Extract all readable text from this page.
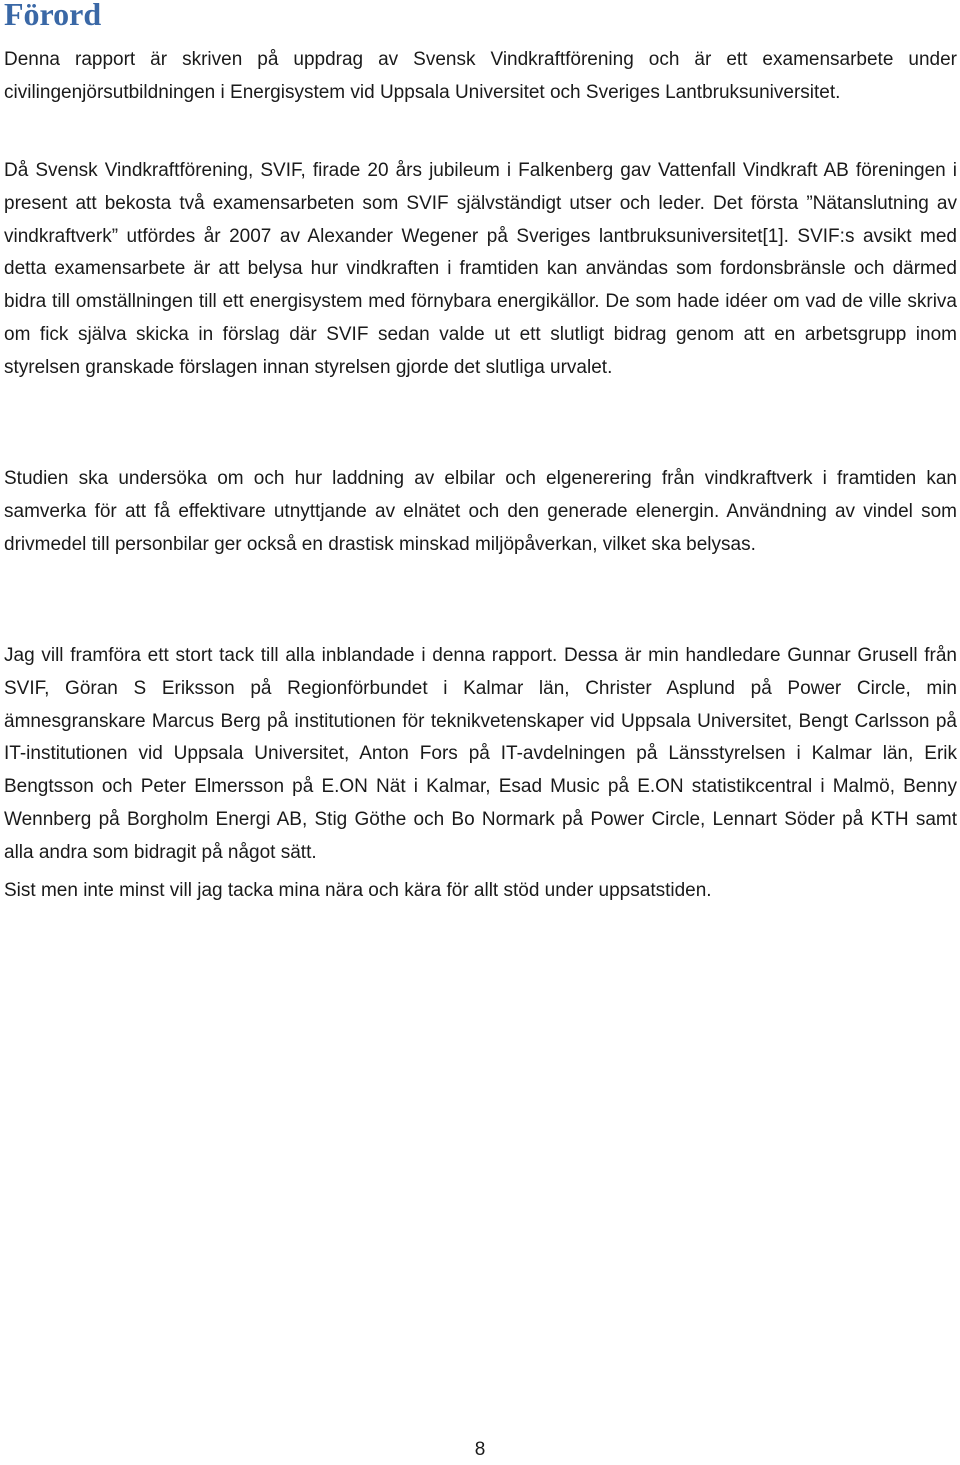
Förord

Denna rapport är skriven på uppdrag av Svensk Vindkraftförening och är ett examensarbete under civilingenjörsutbildningen i Energisystem vid Uppsala Universitet och Sveriges Lantbruksuniversitet.

Då Svensk Vindkraftförening, SVIF, firade 20 års jubileum i Falkenberg gav Vattenfall Vindkraft AB föreningen i present att bekosta två examensarbeten som SVIF självständigt utser och leder. Det första ”Nätanslutning av vindkraftverk” utfördes år 2007 av Alexander Wegener på Sveriges lantbruksuniversitet[1]. SVIF:s avsikt med detta examensarbete är att belysa hur vindkraften i framtiden kan användas som fordonsbränsle och därmed bidra till omställningen till ett energisystem med förnybara energikällor. De som hade idéer om vad de ville skriva om fick själva skicka in förslag där SVIF sedan valde ut ett slutligt bidrag genom att en arbetsgrupp inom styrelsen granskade förslagen innan styrelsen gjorde det slutliga urvalet.

Studien ska undersöka om och hur laddning av elbilar och elgenerering från vindkraftverk i framtiden kan samverka för att få effektivare utnyttjande av elnätet och den generade elenergin. Användning av vindel som drivmedel till personbilar ger också en drastisk minskad miljöpåverkan, vilket ska belysas.

Jag vill framföra ett stort tack till alla inblandade i denna rapport. Dessa är min handledare Gunnar Grusell från SVIF, Göran S Eriksson på Regionförbundet i Kalmar län, Christer Asplund på Power Circle, min ämnesgranskare Marcus Berg på institutionen för teknikvetenskaper vid Uppsala Universitet, Bengt Carlsson på IT-institutionen vid Uppsala Universitet, Anton Fors på IT-avdelningen på Länsstyrelsen i Kalmar län, Erik Bengtsson och Peter Elmersson på E.ON Nät i Kalmar, Esad Music på E.ON statistikcentral i Malmö, Benny Wennberg på Borgholm Energi AB, Stig Göthe och Bo Normark på Power Circle, Lennart Söder på KTH samt alla andra som bidragit på något sätt.

Sist men inte minst vill jag tacka mina nära och kära för allt stöd under uppsatstiden.

8
